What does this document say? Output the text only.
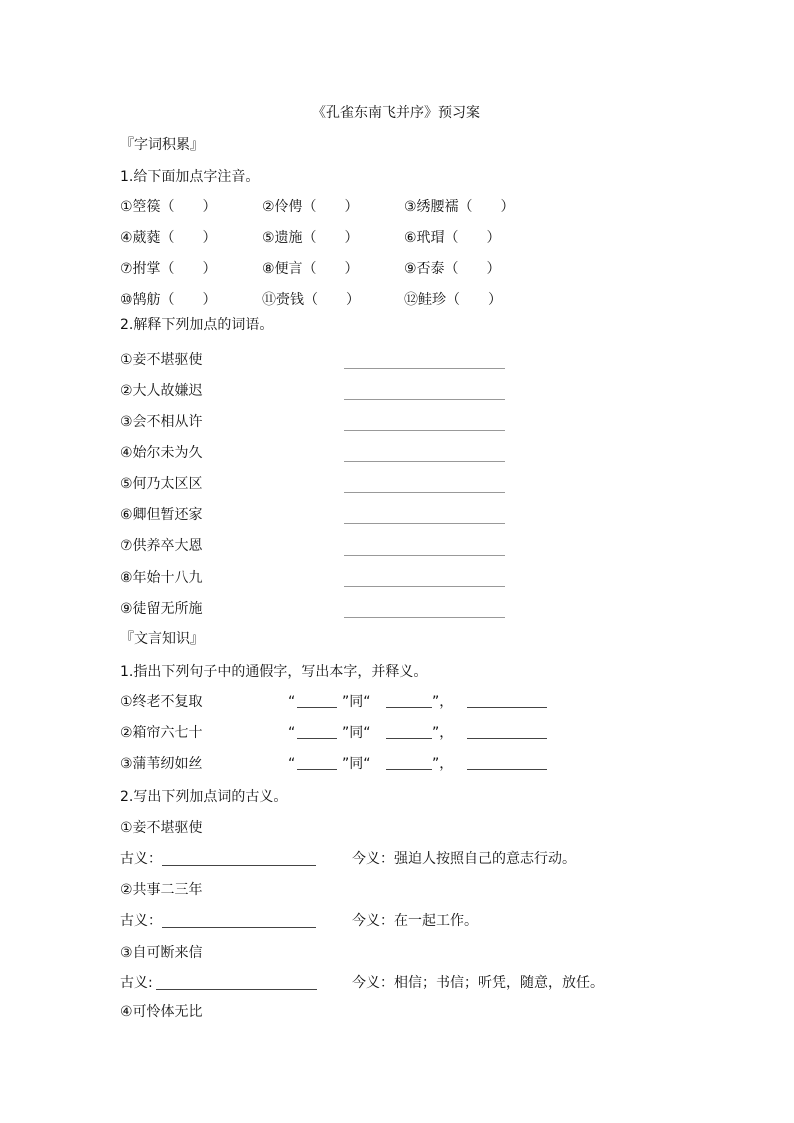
《孔雀东南飞并序》预习案
『字词积累』
1.给下面加点字注音。
①箜篌（　　）	②伶俜（　　）	③绣腰襦（　　）
④葳蕤（　　）	⑤遗施（　　）	⑥玳瑁（　　）
⑦拊掌（　　）	⑧便言（　　）	⑨否泰（　　）
⑩鹄舫（　　）	⑪赍钱（　　）	⑫鲑珍（　　）
2.解释下列加点的词语。
①妾不堪驱使
②大人故嫌迟
③会不相从许
④始尔未为久
⑤何乃太区区
⑥卿但暂还家
⑦供养卒大恩
⑧年始十八九
⑨徒留无所施
『文言知识』
1.指出下列句子中的通假字，写出本字，并释义。
①终老不复取	“	”同“	”，
②箱帘六七十	“	”同“	”，
③蒲苇纫如丝	“	”同“	”，
2.写出下列加点词的古义。
①妾不堪驱使
古义：	今义：强迫人按照自己的意志行动。
②共事二三年
古义：	今义：在一起工作。
③自可断来信
古义:	今义：相信；书信；听凭，随意，放任。
④可怜体无比
